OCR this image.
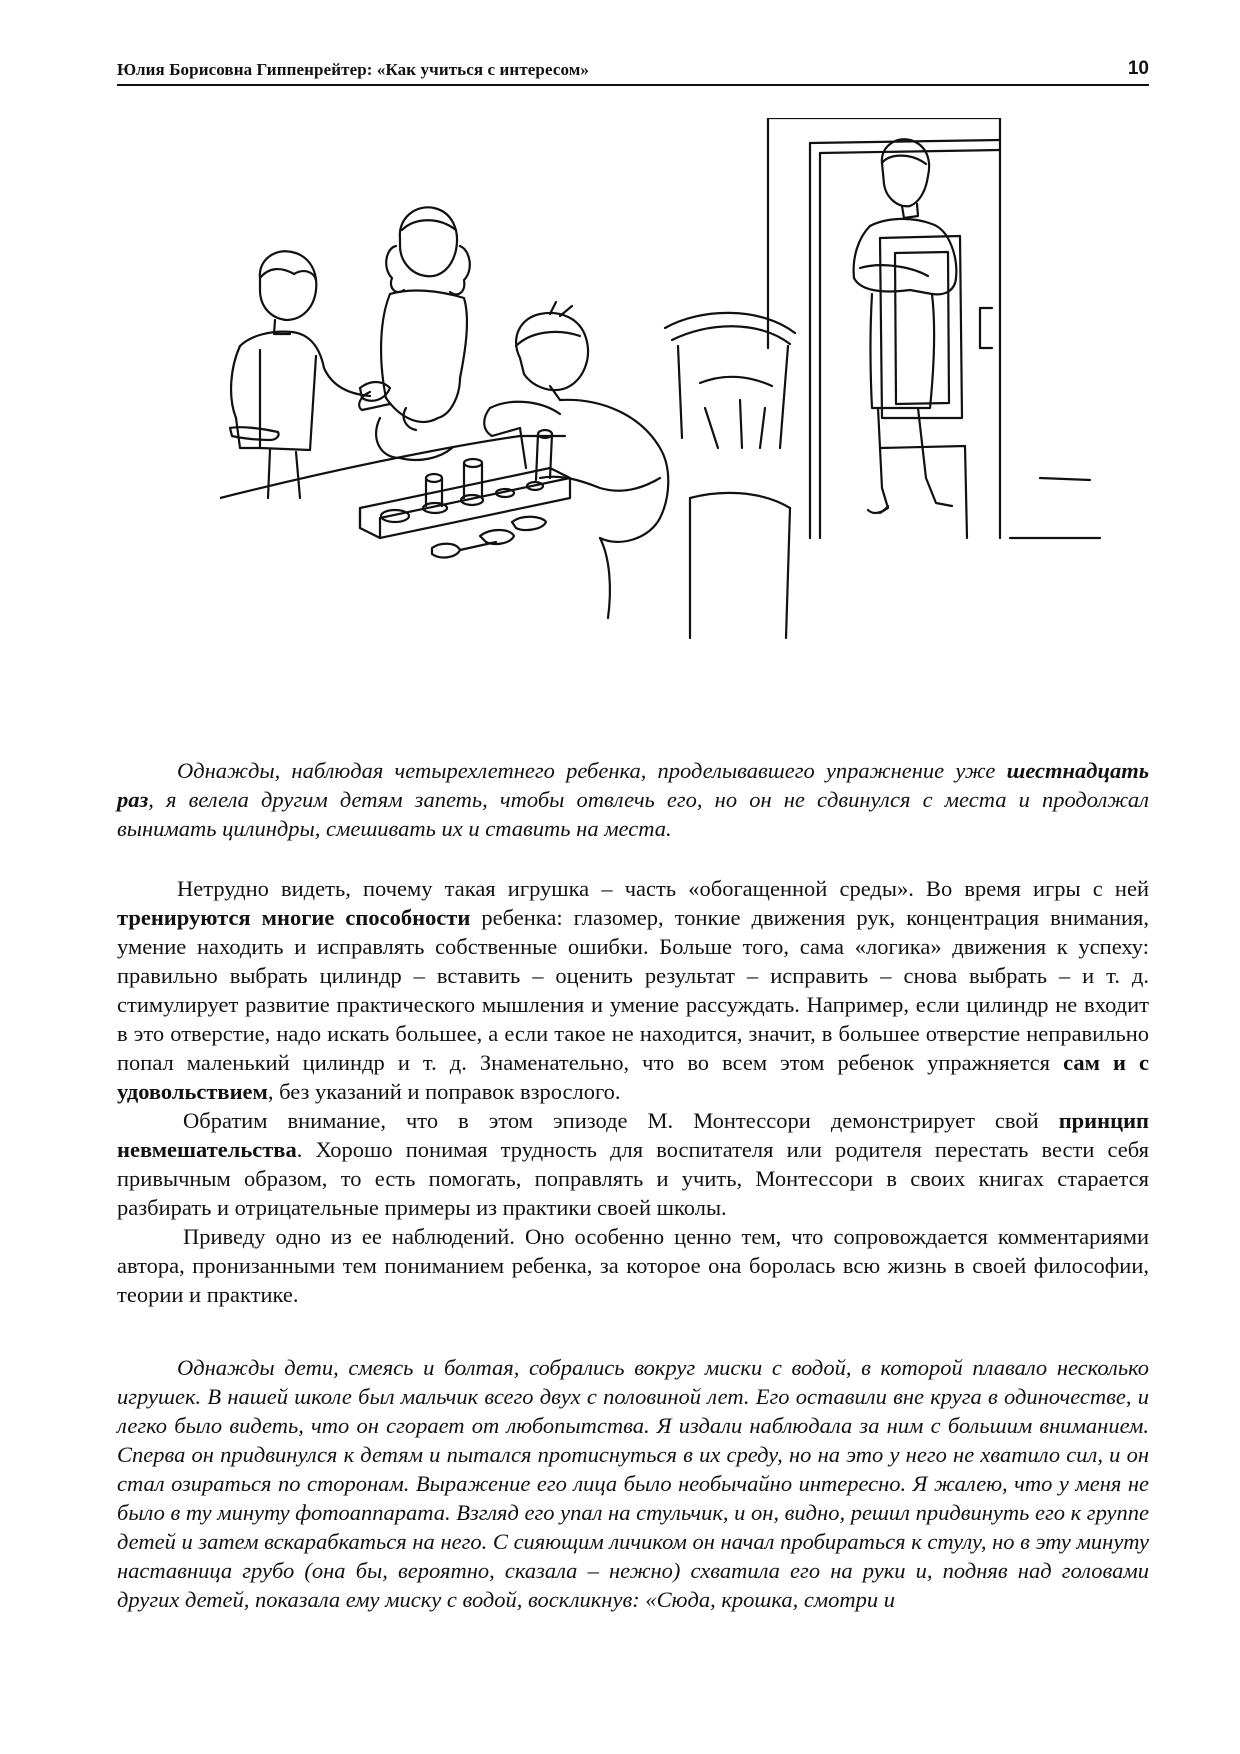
Юлия Борисовна Гиппенрейтер: «Как учиться с интересом»	10

Однажды, наблюдая четырехлетнего ребенка, проделывавшего упражнение уже шестнадцать раз, я велела другим детям запеть, чтобы отвлечь его, но он не сдвинулся с места и продолжал вынимать цилиндры, смешивать их и ставить на места.

Нетрудно видеть, почему такая игрушка – часть «обогащенной среды». Во время игры с ней тренируются многие способности ребенка: глазомер, тонкие движения рук, концентрация внимания, умение находить и исправлять собственные ошибки. Больше того, сама «логика» движения к успеху: правильно выбрать цилиндр – вставить – оценить результат – исправить – снова выбрать – и т. д. стимулирует развитие практического мышления и умение рассуждать. Например, если цилиндр не входит в это отверстие, надо искать большее, а если такое не находится, значит, в большее отверстие неправильно попал маленький цилиндр и т. д. Знаменательно, что во всем этом ребенок упражняется сам и с удовольствием, без указаний и поправок взрослого.

Обратим внимание, что в этом эпизоде М. Монтессори демонстрирует свой принцип невмешательства. Хорошо понимая трудность для воспитателя или родителя перестать вести себя привычным образом, то есть помогать, поправлять и учить, Монтессори в своих книгах старается разбирать и отрицательные примеры из практики своей школы.

Приведу одно из ее наблюдений. Оно особенно ценно тем, что сопровождается комментариями автора, пронизанными тем пониманием ребенка, за которое она боролась всю жизнь в своей философии, теории и практике.

Однажды дети, смеясь и болтая, собрались вокруг миски с водой, в которой плавало несколько игрушек. В нашей школе был мальчик всего двух с половиной лет. Его оставили вне круга в одиночестве, и легко было видеть, что он сгорает от любопытства. Я издали наблюдала за ним с большим вниманием. Сперва он придвинулся к детям и пытался протиснуться в их среду, но на это у него не хватило сил, и он стал озираться по сторонам. Выражение его лица было необычайно интересно. Я жалею, что у меня не было в ту минуту фотоаппарата. Взгляд его упал на стульчик, и он, видно, решил придвинуть его к группе детей и затем вскарабкаться на него. С сияющим личиком он начал пробираться к стулу, но в эту минуту наставница грубо (она бы, вероятно, сказала – нежно) схватила его на руки и, подняв над головами других детей, показала ему миску с водой, воскликнув: «Сюда, крошка, смотри и
